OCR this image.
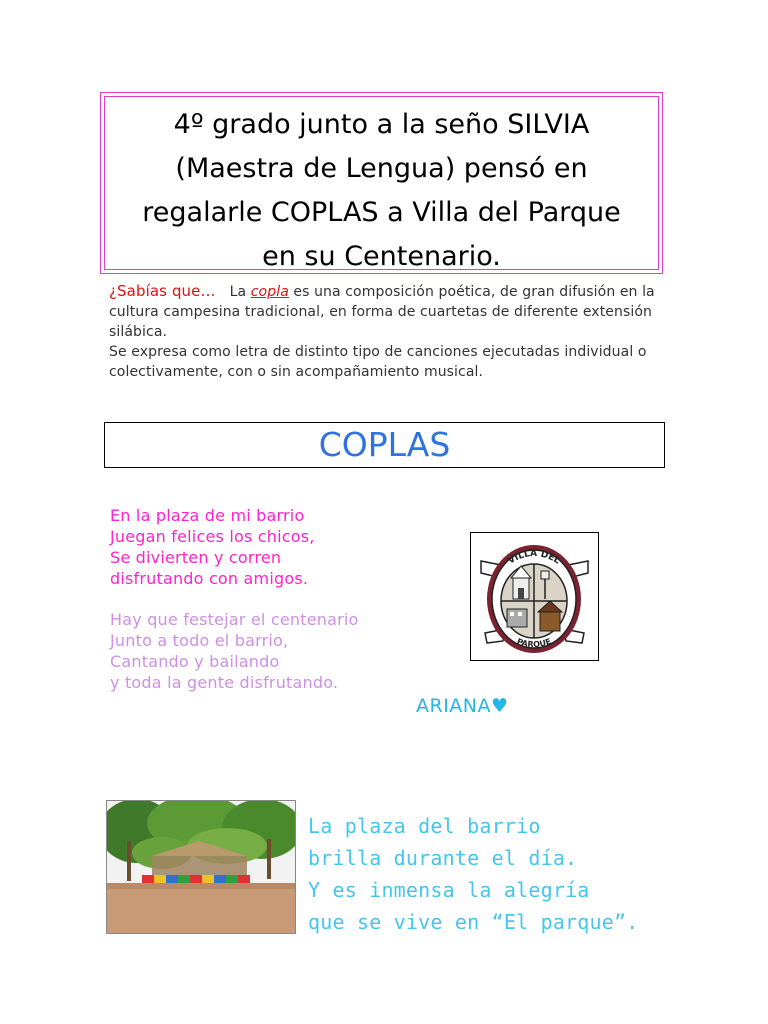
4º grado junto a la seño SILVIA
(Maestra de Lengua) pensó en
regalarle COPLAS a Villa del Parque
en su Centenario.
¿Sabías que… La copla es una composición poética, de gran difusión en la cultura campesina tradicional, en forma de cuartetas de diferente extensión silábica.
Se expresa como letra de distinto tipo de canciones ejecutadas individual o colectivamente, con o sin acompañamiento musical.
COPLAS
En la plaza de mi barrio
Juegan felices los chicos,
Se divierten y corren
disfrutando con amigos.
Hay que festejar el centenario
Junto a todo el barrio,
Cantando y bailando
y toda la gente disfrutando.
VILLA DEL
PARQUE
ARIANA♥
La plaza del barrio
brilla durante el día.
Y es inmensa la alegría
que se vive en “El parque”.
